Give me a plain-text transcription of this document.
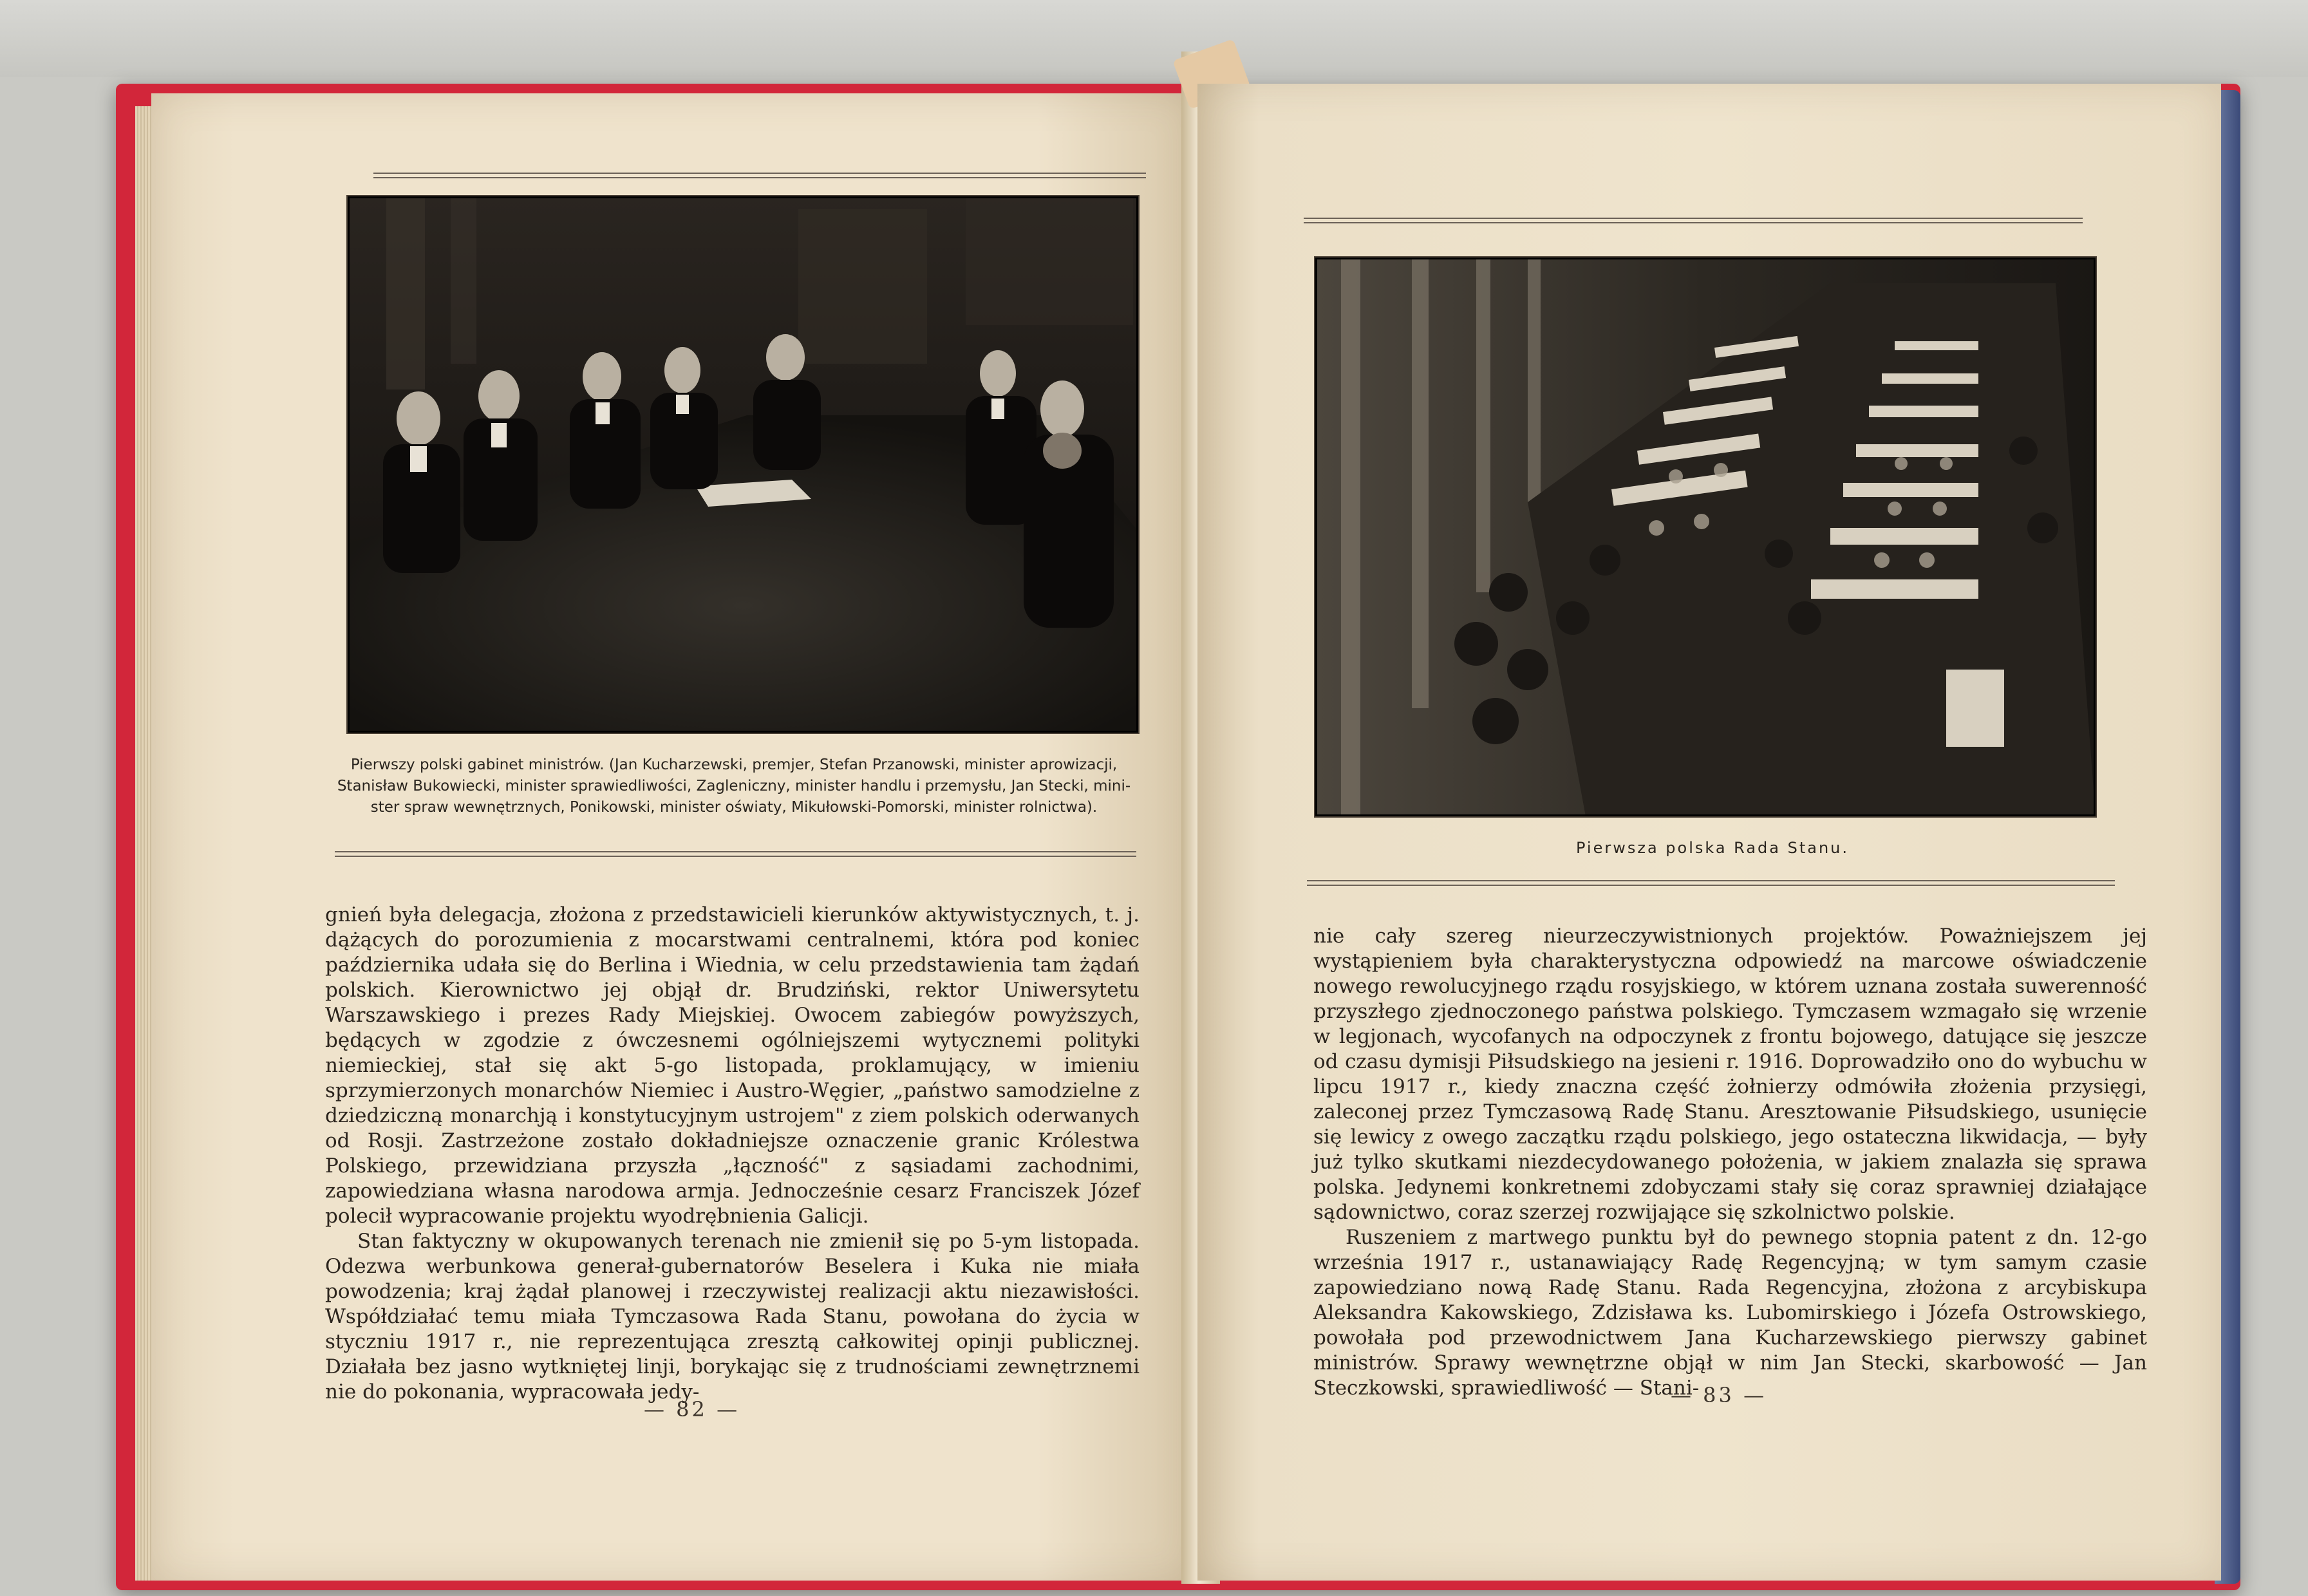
Pierwszy polski gabinet ministrów. (Jan Kucharzewski, premjer, Stefan Przanowski, minister aprowizacji,
Stanisław Bukowiecki, minister sprawiedliwości, Zaglenicz​ny, minister handlu i przemysłu, Jan Stecki, mini-
ster spraw wewnętrznych, Ponikowski, minister oświaty, Mikułowski-Pomorski, minister rolnictwa).

gnień była delegacja, złożona z przedstawicieli kierunków aktywistycznych, t. j. dążących do porozumienia z mocarstwami centralnemi, która pod koniec października udała się do Berlina i Wiednia, w celu przedstawienia tam żądań polskich. Kierownictwo jej objął dr. Brudziński, rektor Uniwersytetu Warszawskiego i prezes Rady Miejskiej. Owocem zabiegów powyższych, będących w zgodzie z ówczesnemi ogólniejszemi wytycznemi polityki niemieckiej, stał się akt 5-go listopada, proklamujący, w imieniu sprzymierzonych monarchów Niemiec i Austro-Węgier, „państwo samodzielne z dziedziczną monarchją i konstytucyjnym ustrojem" z ziem polskich oderwanych od Rosji. Zastrzeżone zostało dokładniejsze oznaczenie granic Królestwa Polskiego, przewidziana przyszła „łączność" z sąsiadami zachodnimi, zapowiedziana własna narodowa armja. Jednocześnie cesarz Franciszek Józef polecił wypracowanie projektu wyodrębnienia Galicji.

Stan faktyczny w okupowanych terenach nie zmienił się po 5-ym listopada. Odezwa werbunkowa generał-gubernatorów Beselera i Kuka nie miała powodzenia; kraj żądał planowej i rzeczywistej realizacji aktu niezawisłości. Współdziałać temu miała Tymczasowa Rada Stanu, powołana do życia w styczniu 1917 r., nie reprezentująca zresztą całkowitej opinji publicznej. Działała bez jasno wytkniętej linji, borykając się z trudnościami zewnętrznemi nie do pokonania, wypracowała jedy-

— 82 —
Pierwsza polska Rada Stanu.

nie cały szereg nieurzeczywistnionych projektów. Poważniejszem jej wystąpieniem była charakterystyczna odpowiedź na marcowe oświadczenie nowego rewolucyjnego rządu rosyjskiego, w którem uznana została suwerenność przyszłego zjednoczonego państwa polskiego. Tymczasem wzmagało się wrzenie w legjonach, wycofanych na odpoczynek z frontu bojowego, datujące się jeszcze od czasu dymisji Piłsudskiego na jesieni r. 1916. Doprowadziło ono do wybuchu w lipcu 1917 r., kiedy znaczna część żołnierzy odmówiła złożenia przysięgi, zaleconej przez Tymczasową Radę Stanu. Aresztowanie Piłsudskiego, usunięcie się lewicy z owego zaczątku rządu polskiego, jego ostateczna likwidacja, — były już tylko skutkami niezdecydowanego położenia, w jakiem znalazła się sprawa polska. Jedynemi konkretnemi zdobyczami stały się coraz sprawniej działające sądownictwo, coraz szerzej rozwijające się szkolnictwo polskie.

Ruszeniem z martwego punktu był do pewnego stopnia patent z dn. 12-go września 1917 r., ustanawiający Radę Regencyjną; w tym samym czasie zapowiedziano nową Radę Stanu. Rada Regencyjna, złożona z arcybiskupa Aleksandra Kakowskiego, Zdzisława ks. Lubomirskiego i Józefa Ostrowskiego, powołała pod przewodnictwem Jana Kucharzewskiego pierwszy gabinet ministrów. Sprawy wewnętrzne objął w nim Jan Stecki, skarbowość — Jan Steczkowski, sprawiedliwość — Stani-

— 83 —
